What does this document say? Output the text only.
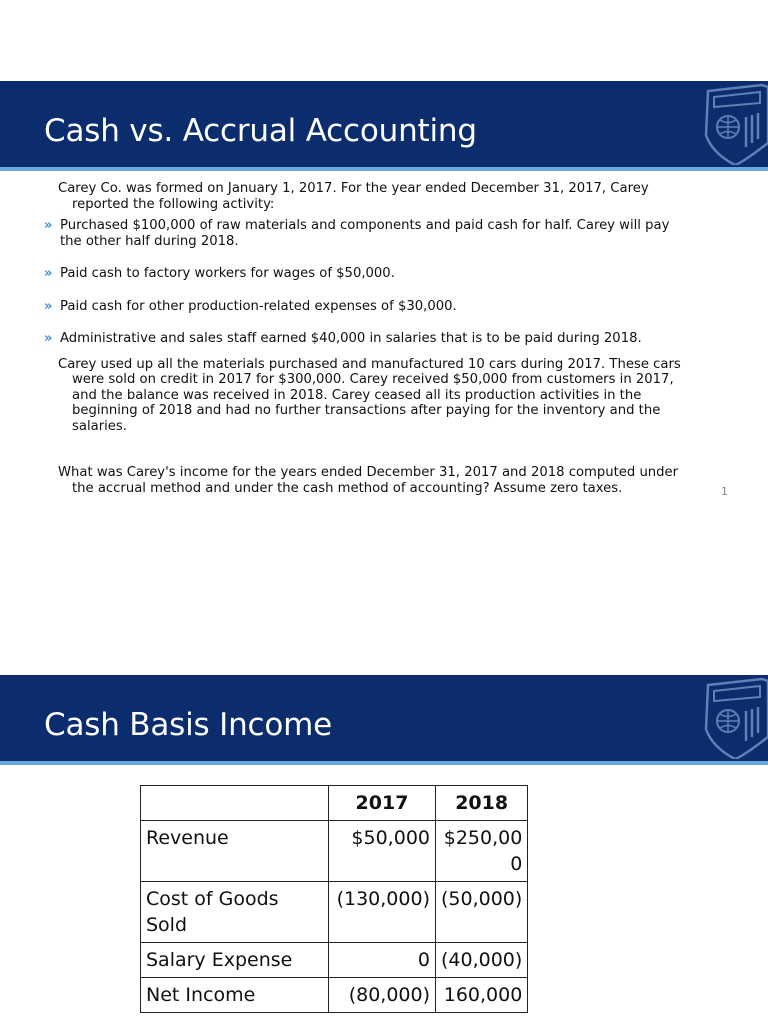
Cash vs. Accrual Accounting

Carey Co. was formed on January 1, 2017. For the year ended December 31, 2017, Carey reported the following activity:

» Purchased $100,000 of raw materials and components and paid cash for half. Carey will pay the other half during 2018.
» Paid cash to factory workers for wages of $50,000.
» Paid cash for other production-related expenses of $30,000.
» Administrative and sales staff earned $40,000 in salaries that is to be paid during 2018.

Carey used up all the materials purchased and manufactured 10 cars during 2017. These cars were sold on credit in 2017 for $300,000. Carey received $50,000 from customers in 2017, and the balance was received in 2018. Carey ceased all its production activities in the beginning of 2018 and had no further transactions after paying for the inventory and the salaries.

What was Carey's income for the years ended December 31, 2017 and 2018 computed under the accrual method and under the cash method of accounting? Assume zero taxes.	1
Cash Basis Income
	2017	2018
Revenue	$50,000	$250,000
Cost of Goods Sold	(130,000)	(50,000)
Salary Expense	0	(40,000)
Net Income	(80,000)	160,000
